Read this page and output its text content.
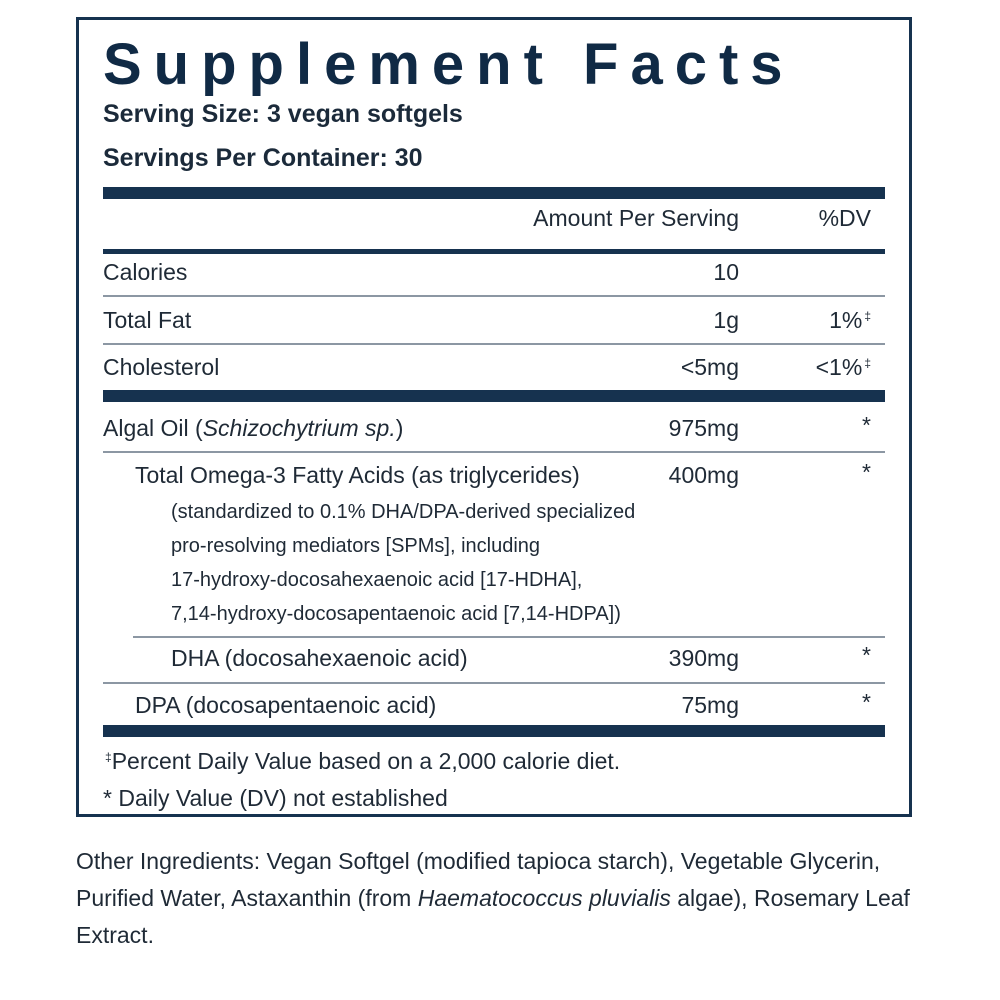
Supplement Facts
Serving Size: 3 vegan softgels
Servings Per Container: 30
Amount Per Serving	%DV
Calories	10
Total Fat	1g	1% ‡
Cholesterol	<5mg	<1% ‡
Algal Oil (Schizochytrium sp.)	975mg	*
Total Omega-3 Fatty Acids (as triglycerides)	400mg	*
(standardized to 0.1% DHA/DPA-derived specialized
pro-resolving mediators [SPMs], including
17-hydroxy-docosahexaenoic acid [17-HDHA],
7,14-hydroxy-docosapentaenoic acid [7,14-HDPA])
DHA (docosahexaenoic acid)	390mg	*
DPA (docosapentaenoic acid)	75mg	*
‡Percent Daily Value based on a 2,000 calorie diet.
* Daily Value (DV) not established
Other Ingredients: Vegan Softgel (modified tapioca starch), Vegetable Glycerin, Purified Water, Astaxanthin (from Haematococcus pluvialis algae), Rosemary Leaf Extract.
